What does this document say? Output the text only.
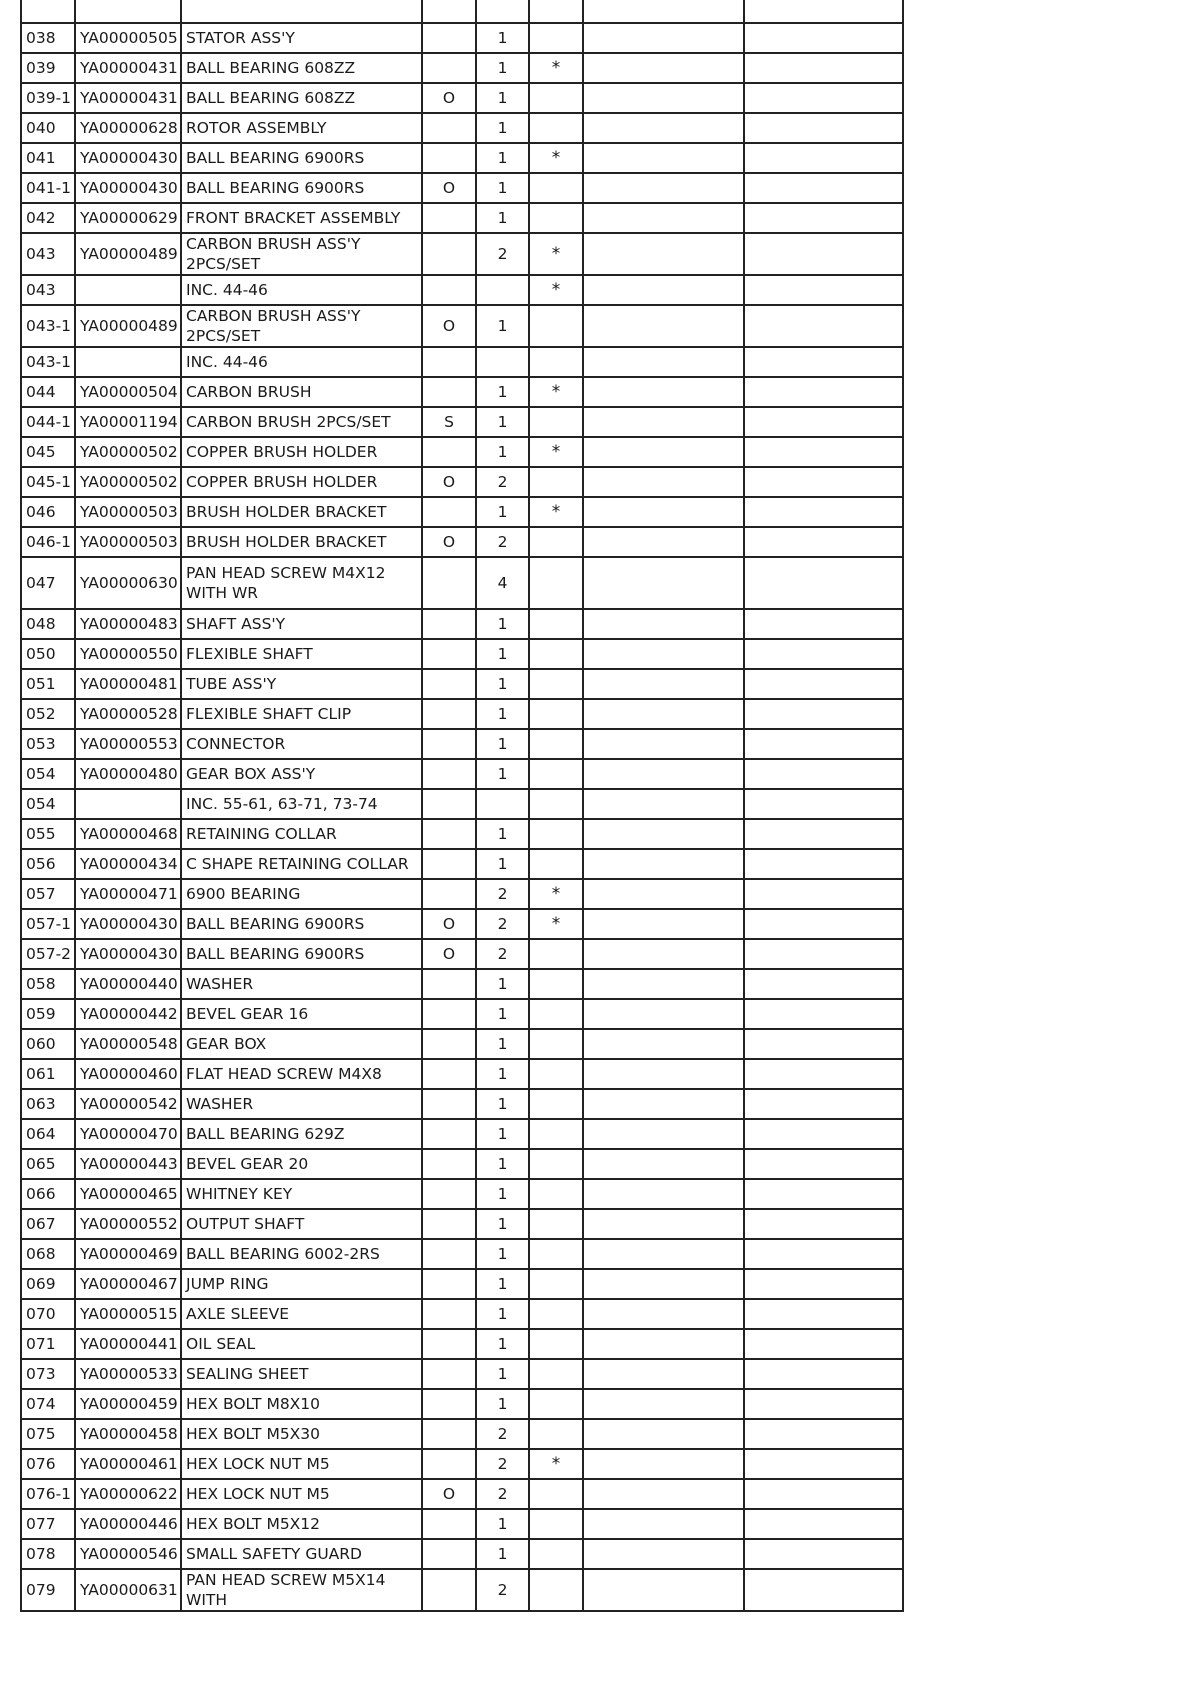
038	YA00000505	STATOR ASS'Y		1				
039	YA00000431	BALL BEARING 608ZZ		1	*			
039-1	YA00000431	BALL BEARING 608ZZ	O	1				
040	YA00000628	ROTOR ASSEMBLY		1				
041	YA00000430	BALL BEARING 6900RS		1	*			
041-1	YA00000430	BALL BEARING 6900RS	O	1				
042	YA00000629	FRONT BRACKET ASSEMBLY		1				
043	YA00000489	CARBON BRUSH ASS'Y 2PCS/SET		2	*			
043		INC. 44-46			*			
043-1	YA00000489	CARBON BRUSH ASS'Y 2PCS/SET	O	1				
043-1		INC. 44-46						
044	YA00000504	CARBON BRUSH		1	*			
044-1	YA00001194	CARBON BRUSH 2PCS/SET	S	1				
045	YA00000502	COPPER BRUSH HOLDER		1	*			
045-1	YA00000502	COPPER BRUSH HOLDER	O	2				
046	YA00000503	BRUSH HOLDER BRACKET		1	*			
046-1	YA00000503	BRUSH HOLDER BRACKET	O	2				
047	YA00000630	PAN HEAD SCREW M4X12 WITH WR		4				
048	YA00000483	SHAFT ASS'Y		1				
050	YA00000550	FLEXIBLE SHAFT		1				
051	YA00000481	TUBE ASS'Y		1				
052	YA00000528	FLEXIBLE SHAFT CLIP		1				
053	YA00000553	CONNECTOR		1				
054	YA00000480	GEAR BOX ASS'Y		1				
054		INC. 55-61, 63-71, 73-74						
055	YA00000468	RETAINING COLLAR		1				
056	YA00000434	C SHAPE RETAINING COLLAR		1				
057	YA00000471	6900 BEARING		2	*			
057-1	YA00000430	BALL BEARING 6900RS	O	2	*			
057-2	YA00000430	BALL BEARING 6900RS	O	2				
058	YA00000440	WASHER		1				
059	YA00000442	BEVEL GEAR 16		1				
060	YA00000548	GEAR BOX		1				
061	YA00000460	FLAT HEAD SCREW M4X8		1				
063	YA00000542	WASHER		1				
064	YA00000470	BALL BEARING 629Z		1				
065	YA00000443	BEVEL GEAR 20		1				
066	YA00000465	WHITNEY KEY		1				
067	YA00000552	OUTPUT SHAFT		1				
068	YA00000469	BALL BEARING 6002-2RS		1				
069	YA00000467	JUMP RING		1				
070	YA00000515	AXLE SLEEVE		1				
071	YA00000441	OIL SEAL		1				
073	YA00000533	SEALING SHEET		1				
074	YA00000459	HEX BOLT M8X10		1				
075	YA00000458	HEX BOLT M5X30		2				
076	YA00000461	HEX LOCK NUT M5		2	*			
076-1	YA00000622	HEX LOCK NUT M5	O	2				
077	YA00000446	HEX BOLT M5X12		1				
078	YA00000546	SMALL SAFETY GUARD		1				
079	YA00000631	PAN HEAD SCREW M5X14 WITH		2				
